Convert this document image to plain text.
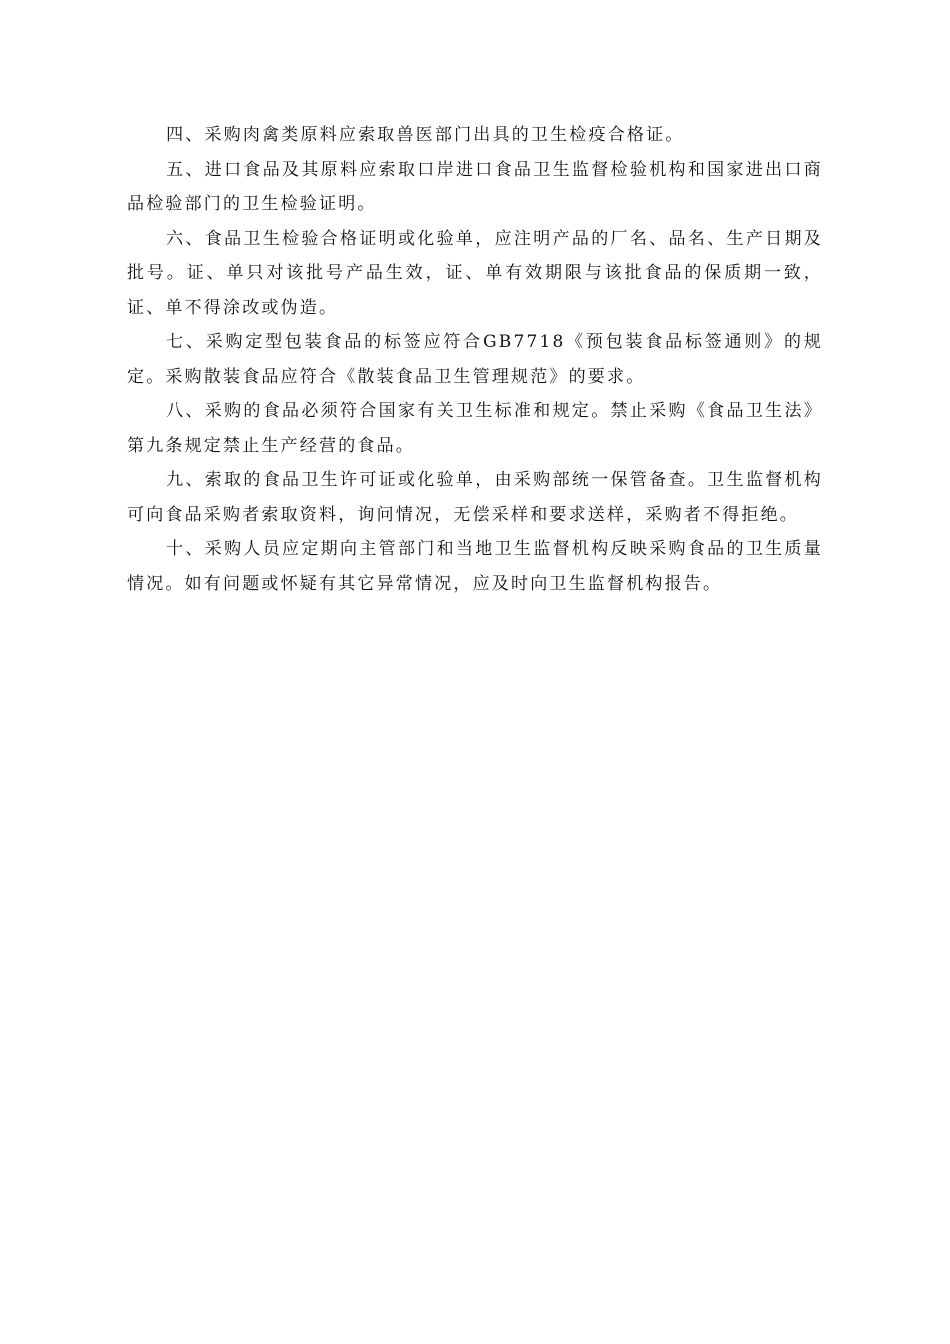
四、采购肉禽类原料应索取兽医部门出具的卫生检疫合格证。

五、进口食品及其原料应索取口岸进口食品卫生监督检验机构和国家进出口商品检验部门的卫生检验证明。

六、食品卫生检验合格证明或化验单，应注明产品的厂名、品名、生产日期及批号。证、单只对该批号产品生效，证、单有效期限与该批食品的保质期一致，证、单不得涂改或伪造。

七、采购定型包装食品的标签应符合GB7718《预包装食品标签通则》的规定。采购散装食品应符合《散装食品卫生管理规范》的要求。

八、采购的食品必须符合国家有关卫生标准和规定。禁止采购《食品卫生法》第九条规定禁止生产经营的食品。

九、索取的食品卫生许可证或化验单，由采购部统一保管备查。卫生监督机构可向食品采购者索取资料，询问情况，无偿采样和要求送样，采购者不得拒绝。

十、采购人员应定期向主管部门和当地卫生监督机构反映采购食品的卫生质量情况。如有问题或怀疑有其它异常情况，应及时向卫生监督机构报告。
